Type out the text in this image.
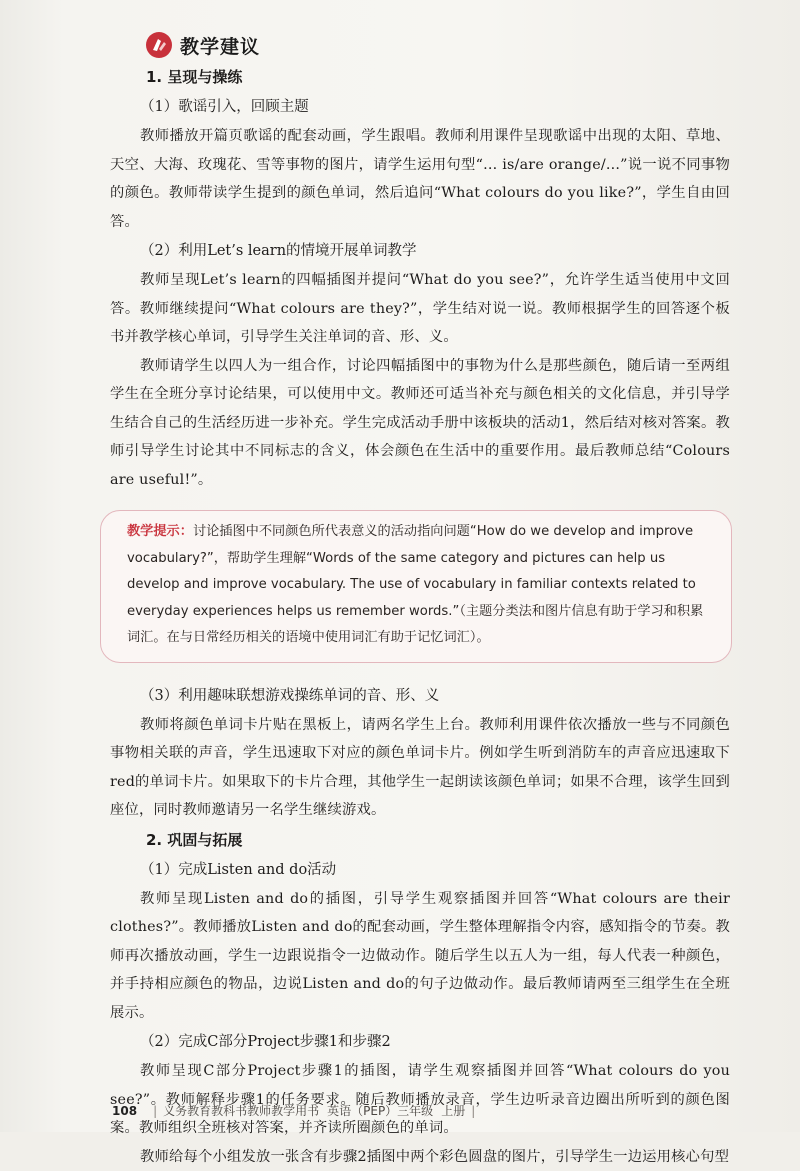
教学建议

1. 呈现与操练

（1）歌谣引入，回顾主题

教师播放开篇页歌谣的配套动画，学生跟唱。教师利用课件呈现歌谣中出现的太阳、草地、天空、大海、玫瑰花、雪等事物的图片，请学生运用句型“... is/are orange/...”说一说不同事物的颜色。教师带读学生提到的颜色单词，然后追问“What colours do you like?”，学生自由回答。

（2）利用Let’s learn的情境开展单词教学

教师呈现Let’s learn的四幅插图并提问“What do you see?”，允许学生适当使用中文回答。教师继续提问“What colours are they?”，学生结对说一说。教师根据学生的回答逐个板书并教学核心单词，引导学生关注单词的音、形、义。

教师请学生以四人为一组合作，讨论四幅插图中的事物为什么是那些颜色，随后请一至两组学生在全班分享讨论结果，可以使用中文。教师还可适当补充与颜色相关的文化信息，并引导学生结合自己的生活经历进一步补充。学生完成活动手册中该板块的活动1，然后结对核对答案。教师引导学生讨论其中不同标志的含义，体会颜色在生活中的重要作用。最后教师总结“Colours are useful!”。

教学提示：讨论插图中不同颜色所代表意义的活动指向问题“How do we develop and improve vocabulary?”，帮助学生理解“Words of the same category and pictures can help us develop and improve vocabulary. The use of vocabulary in familiar contexts related to everyday experiences helps us remember words.”（主题分类法和图片信息有助于学习和积累词汇。在与日常经历相关的语境中使用词汇有助于记忆词汇）。

（3）利用趣味联想游戏操练单词的音、形、义

教师将颜色单词卡片贴在黑板上，请两名学生上台。教师利用课件依次播放一些与不同颜色事物相关联的声音，学生迅速取下对应的颜色单词卡片。例如学生听到消防车的声音应迅速取下red的单词卡片。如果取下的卡片合理，其他学生一起朗读该颜色单词；如果不合理，该学生回到座位，同时教师邀请另一名学生继续游戏。

2. 巩固与拓展

（1）完成Listen and do活动

教师呈现Listen and do的插图，引导学生观察插图并回答“What colours are their clothes?”。教师播放Listen and do的配套动画，学生整体理解指令内容，感知指令的节奏。教师再次播放动画，学生一边跟说指令一边做动作。随后学生以五人为一组，每人代表一种颜色，并手持相应颜色的物品，边说Listen and do的句子边做动作。最后教师请两至三组学生在全班展示。

（2）完成C部分Project步骤1和步骤2

教师呈现C部分Project步骤1的插图，请学生观察插图并回答“What colours do you see?”。教师解释步骤1的任务要求。随后教师播放录音，学生边听录音边圈出所听到的颜色图案。教师组织全班核对答案，并齐读所圈颜色的单词。

教师给每个小组发放一张含有步骤2插图中两个彩色圆盘的图片，引导学生一边运用核心句型

108 | 义务教育教科书教师教学用书 英语（PEP）三年级 上册 |
